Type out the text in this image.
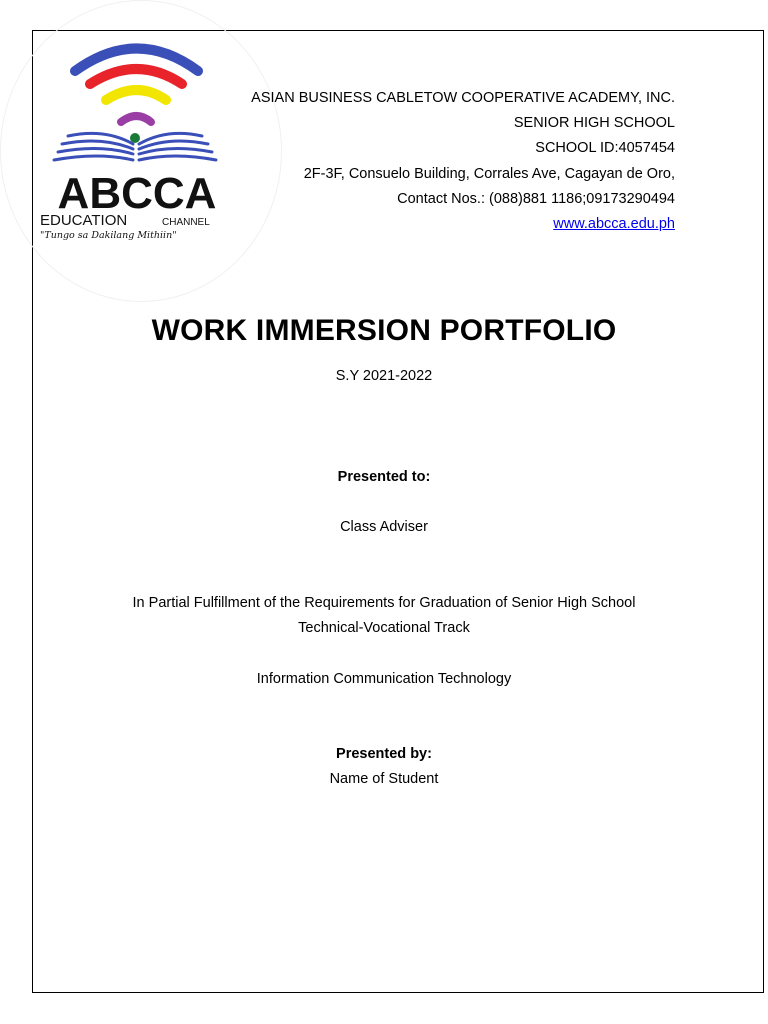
ABCCA
EDUCATION	CHANNEL
"Tungo sa Dakilang Mithiin"
ASIAN BUSINESS CABLETOW COOPERATIVE ACADEMY, INC.
SENIOR HIGH SCHOOL
SCHOOL ID:4057454
2F-3F, Consuelo Building, Corrales Ave, Cagayan de Oro,
Contact Nos.: (088)881 1186;09173290494
www.abcca.edu.ph
WORK IMMERSION PORTFOLIO
S.Y 2021-2022
Presented to:
Class Adviser
In Partial Fulfillment of the Requirements for Graduation of Senior High School
Technical-Vocational Track
Information Communication Technology
Presented by:
Name of Student
